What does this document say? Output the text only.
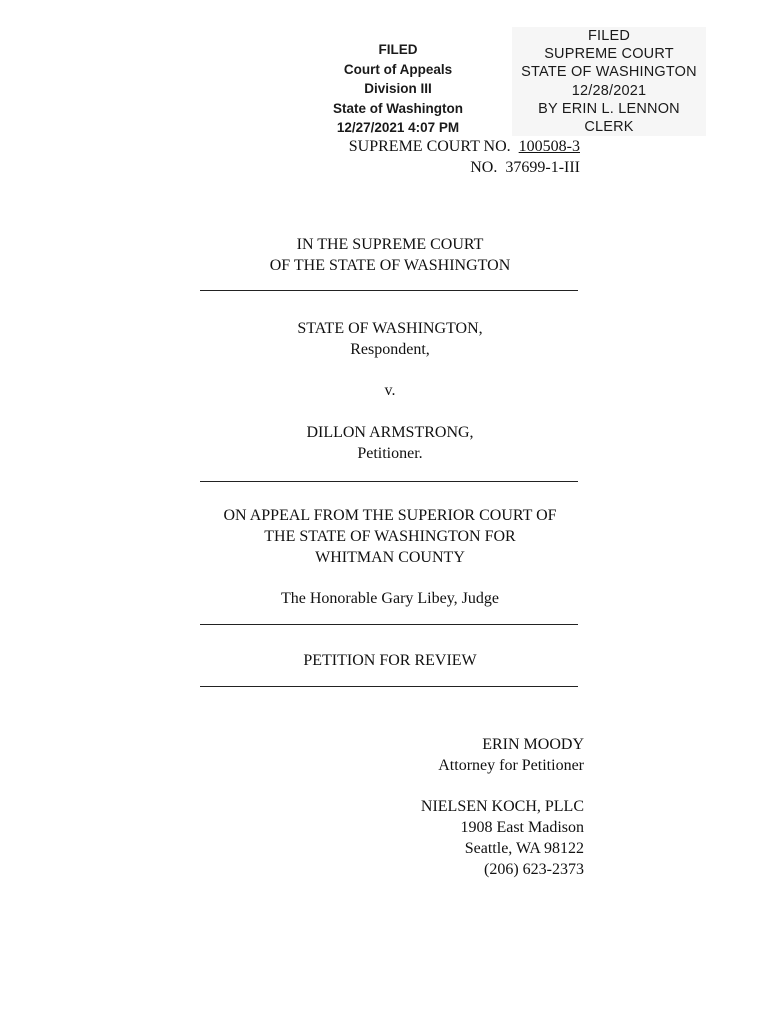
FILED
Court of Appeals
Division III
State of Washington
12/27/2021 4:07 PM
FILED
SUPREME COURT
STATE OF WASHINGTON
12/28/2021
BY ERIN L. LENNON
CLERK
SUPREME COURT NO. 100508-3
NO. 37699-1-III
IN THE SUPREME COURT
OF THE STATE OF WASHINGTON
STATE OF WASHINGTON,
Respondent,
v.
DILLON ARMSTRONG,
Petitioner.
ON APPEAL FROM THE SUPERIOR COURT OF
THE STATE OF WASHINGTON FOR
WHITMAN COUNTY
The Honorable Gary Libey, Judge
PETITION FOR REVIEW
ERIN MOODY
Attorney for Petitioner
NIELSEN KOCH, PLLC
1908 East Madison
Seattle, WA 98122
(206) 623-2373
